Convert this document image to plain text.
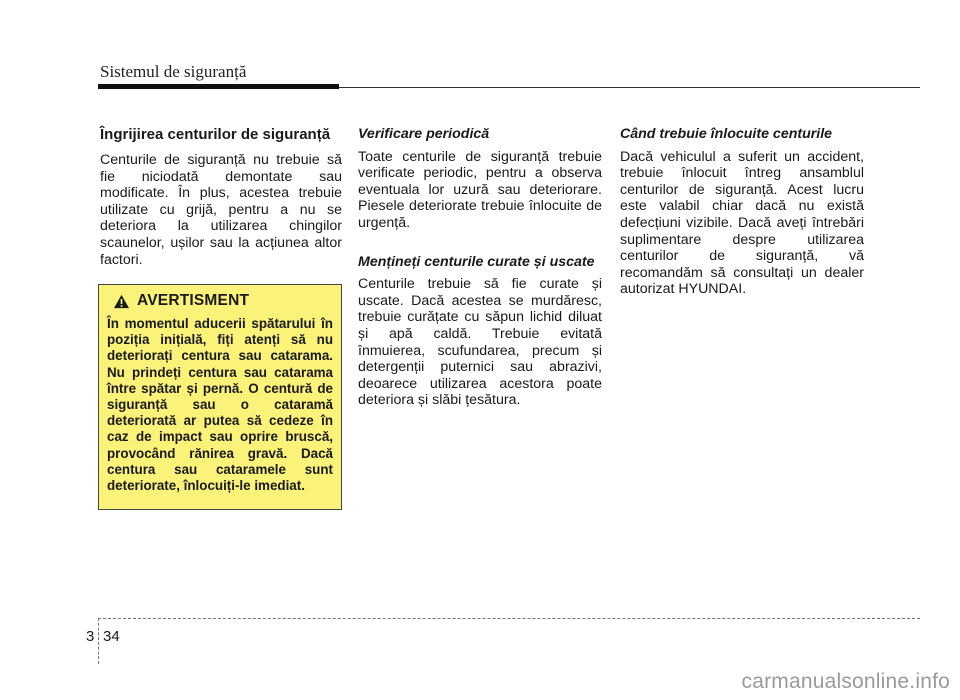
Sistemul de siguranță
Îngrijirea centurilor de siguranță

Centurile de siguranță nu trebuie să fie niciodată demontate sau modificate. În plus, acestea trebuie utilizate cu grijă, pentru a nu se deteriora la utilizarea chingilor scaunelor, ușilor sau la acțiunea altor factori.

AVERTISMENT

În momentul aducerii spătarului în poziția inițială, fiți atenți să nu deteriorați centura sau catarama. Nu prindeți centura sau catarama între spătar și pernă. O centură de siguranță sau o cataramă deteriorată ar putea să cedeze în caz de impact sau oprire bruscă, provocând rănirea gravă. Dacă centura sau cataramele sunt deteriorate, înlocuiți-le imediat.

Verificare periodică

Toate centurile de siguranță trebuie verificate periodic, pentru a observa eventuala lor uzură sau deteriorare. Piesele deteriorate trebuie înlocuite de urgență.

Mențineți centurile curate și uscate

Centurile trebuie să fie curate și uscate. Dacă acestea se murdăresc, trebuie curățate cu săpun lichid diluat și apă caldă. Trebuie evitată înmuierea, scufundarea, precum și detergenții puternici sau abrazivi, deoarece utilizarea acestora poate deteriora și slăbi țesătura.

Când trebuie înlocuite centurile

Dacă vehiculul a suferit un accident, trebuie înlocuit întreg ansamblul centurilor de siguranță. Acest lucru este valabil chiar dacă nu există defecțiuni vizibile. Dacă aveți întrebări suplimentare despre utilizarea centurilor de siguranță, vă recomandăm să consultați un dealer autorizat HYUNDAI.

3 34
carmanualsonline.info
